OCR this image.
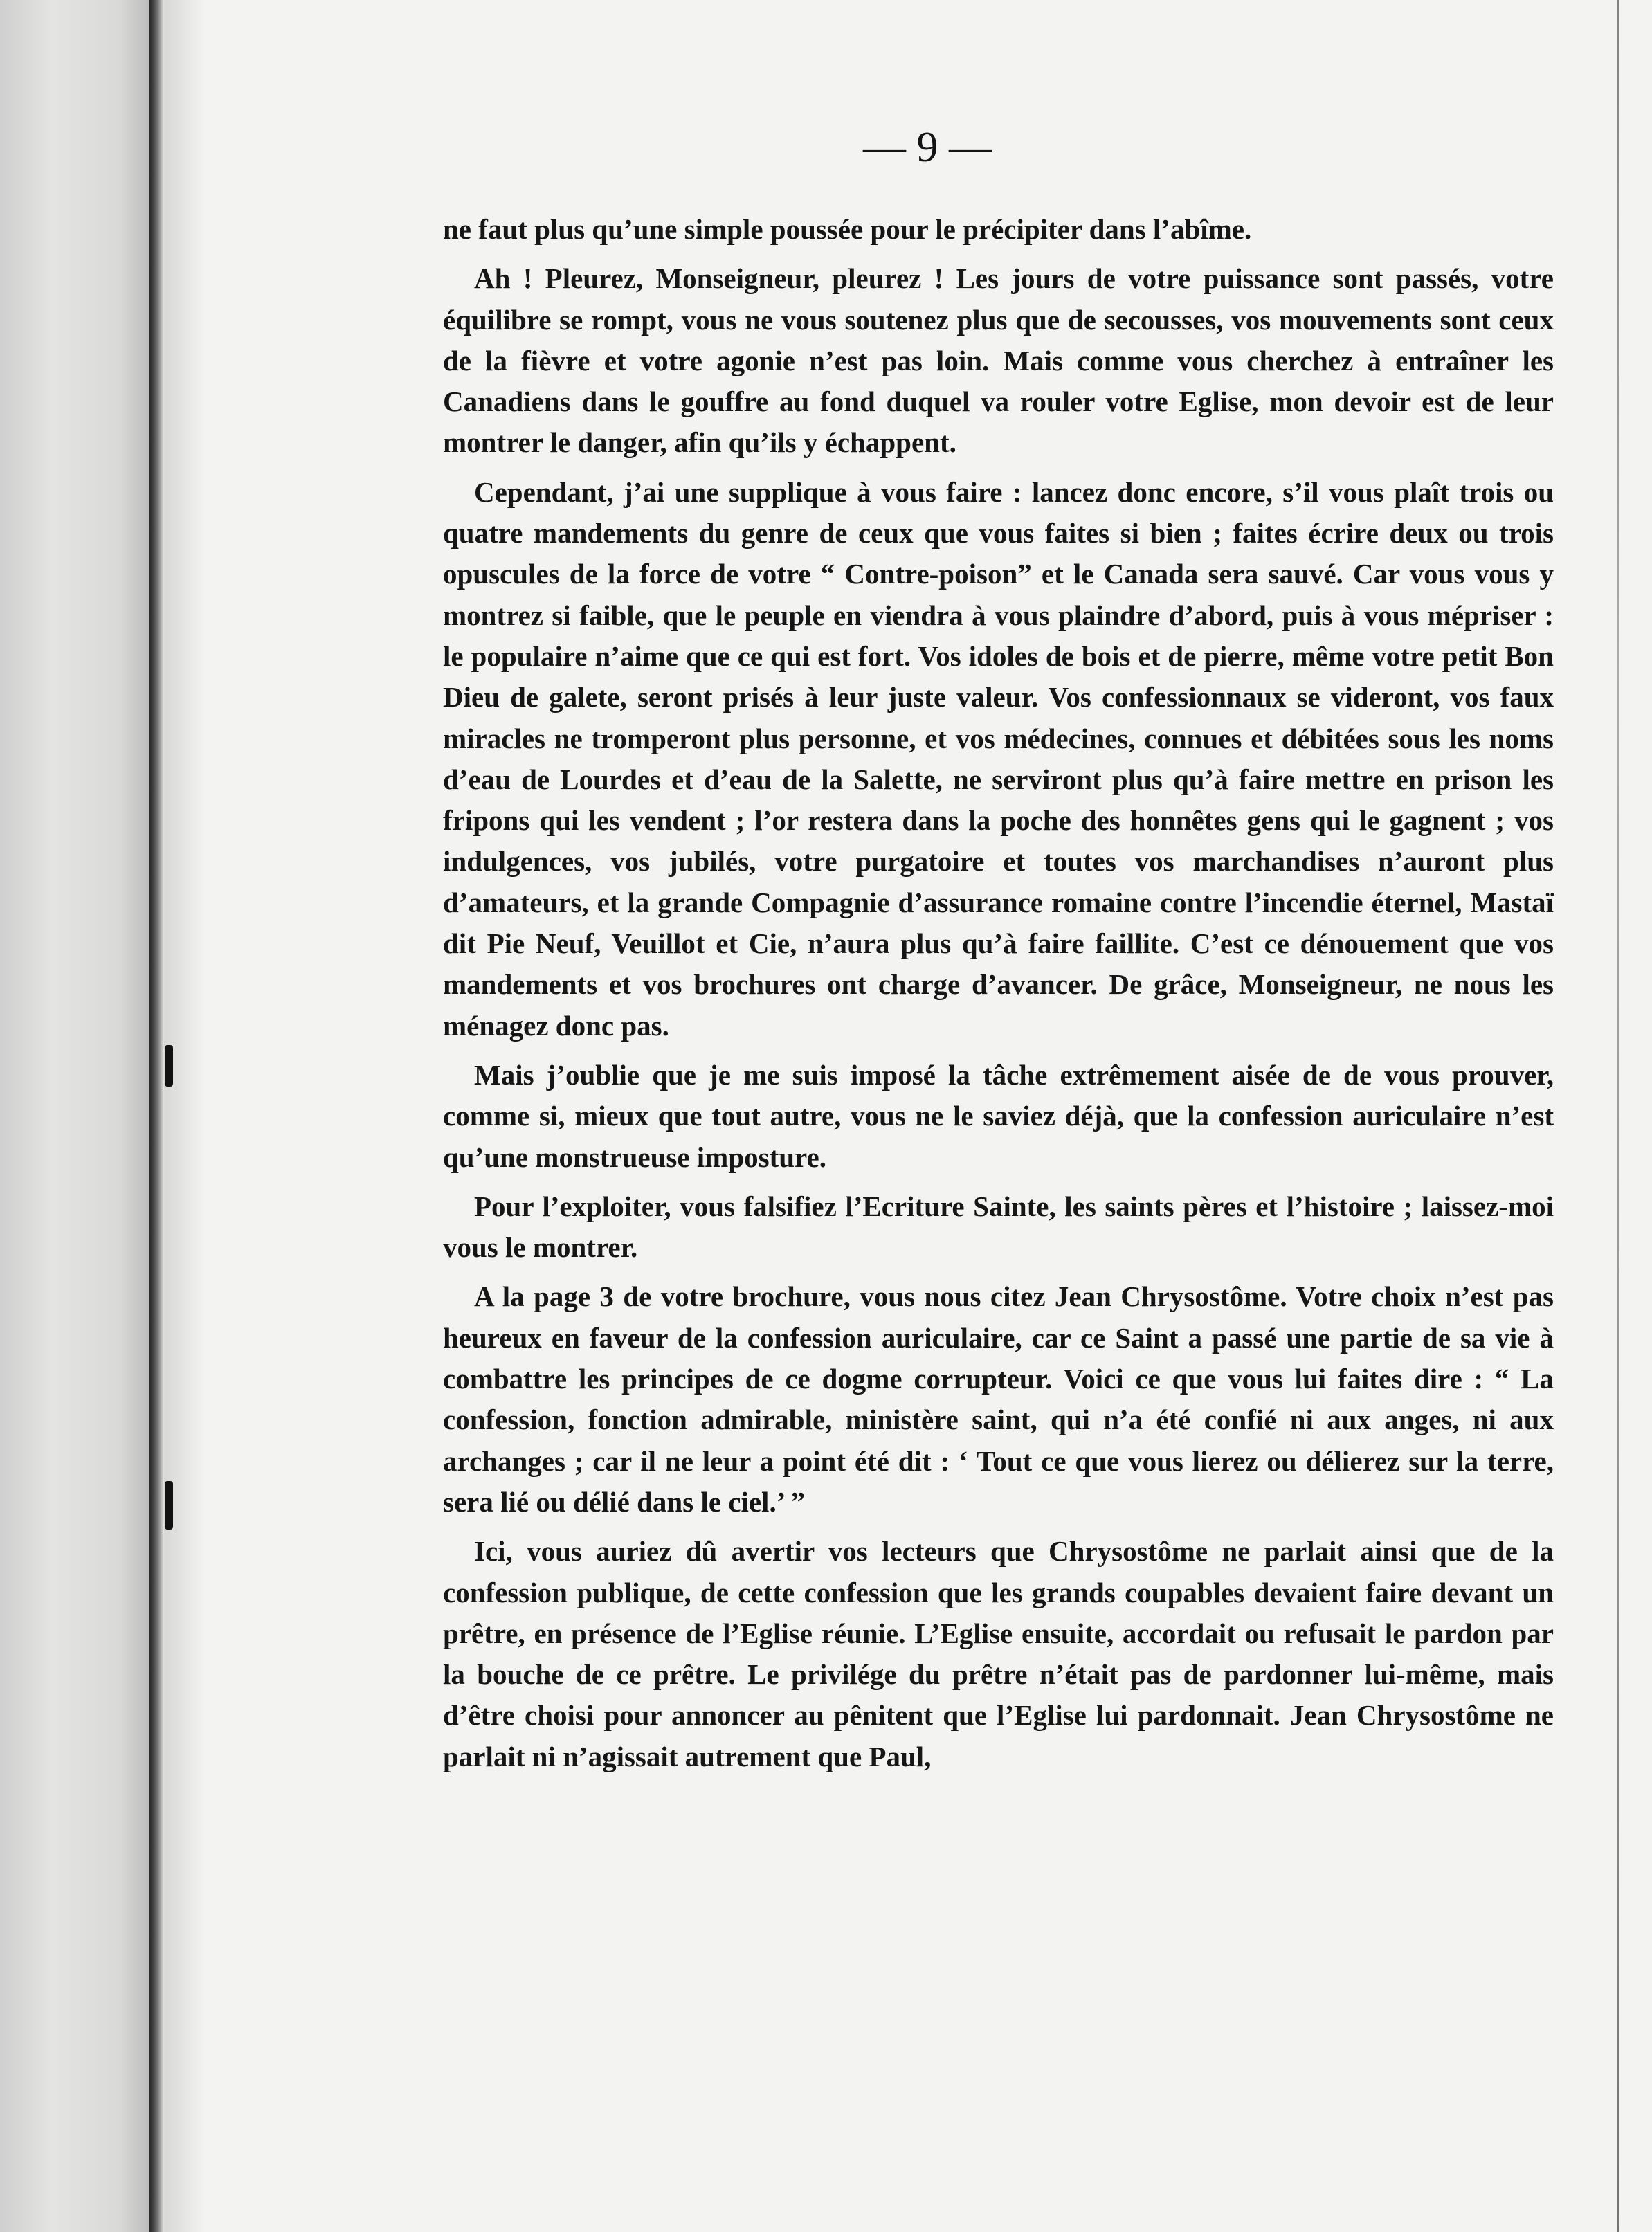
— 9 —

ne faut plus qu’une simple poussée pour le précipiter dans l’abîme.

Ah ! Pleurez, Monseigneur, pleurez ! Les jours de votre puissance sont passés, votre équilibre se rompt, vous ne vous soutenez plus que de secousses, vos mouvements sont ceux de la fièvre et votre agonie n’est pas loin. Mais comme vous cherchez à entraîner les Canadiens dans le gouffre au fond duquel va rouler votre Eglise, mon devoir est de leur montrer le danger, afin qu’ils y échappent.

Cependant, j’ai une supplique à vous faire : lancez donc encore, s’il vous plaît trois ou quatre mandements du genre de ceux que vous faites si bien ; faites écrire deux ou trois opuscules de la force de votre “ Contre-poison” et le Canada sera sauvé. Car vous vous y montrez si faible, que le peuple en viendra à vous plaindre d’abord, puis à vous mépriser : le populaire n’aime que ce qui est fort. Vos idoles de bois et de pierre, même votre petit Bon Dieu de galete, seront prisés à leur juste valeur. Vos confessionnaux se videront, vos faux miracles ne tromperont plus personne, et vos médecines, connues et débitées sous les noms d’eau de Lourdes et d’eau de la Salette, ne serviront plus qu’à faire mettre en prison les fripons qui les vendent ; l’or restera dans la poche des honnêtes gens qui le gagnent ; vos indulgences, vos jubilés, votre purgatoire et toutes vos marchandises n’auront plus d’amateurs, et la grande Compagnie d’assurance romaine contre l’incendie éternel, Mastaï dit Pie Neuf, Veuillot et Cie, n’aura plus qu’à faire faillite. C’est ce dénouement que vos mandements et vos brochures ont charge d’avancer. De grâce, Monseigneur, ne nous les ménagez donc pas.

Mais j’oublie que je me suis imposé la tâche extrêmement aisée de de vous prouver, comme si, mieux que tout autre, vous ne le saviez déjà, que la confession auriculaire n’est qu’une monstrueuse imposture.

Pour l’exploiter, vous falsifiez l’Ecriture Sainte, les saints pères et l’histoire ; laissez-moi vous le montrer.

A la page 3 de votre brochure, vous nous citez Jean Chrysostôme. Votre choix n’est pas heureux en faveur de la confession auriculaire, car ce Saint a passé une partie de sa vie à combattre les principes de ce dogme corrupteur. Voici ce que vous lui faites dire : “ La confession, fonction admirable, ministère saint, qui n’a été confié ni aux anges, ni aux archanges ; car il ne leur a point été dit : ‘ Tout ce que vous lierez ou délierez sur la terre, sera lié ou délié dans le ciel.’ ”

Ici, vous auriez dû avertir vos lecteurs que Chrysostôme ne parlait ainsi que de la confession publique, de cette confession que les grands coupables devaient faire devant un prêtre, en présence de l’Eglise réunie. L’Eglise ensuite, accordait ou refusait le pardon par la bouche de ce prêtre. Le privilége du prêtre n’était pas de pardonner lui-même, mais d’être choisi pour annoncer au pênitent que l’Eglise lui pardonnait. Jean Chrysostôme ne parlait ni n’agissait autrement que Paul,
